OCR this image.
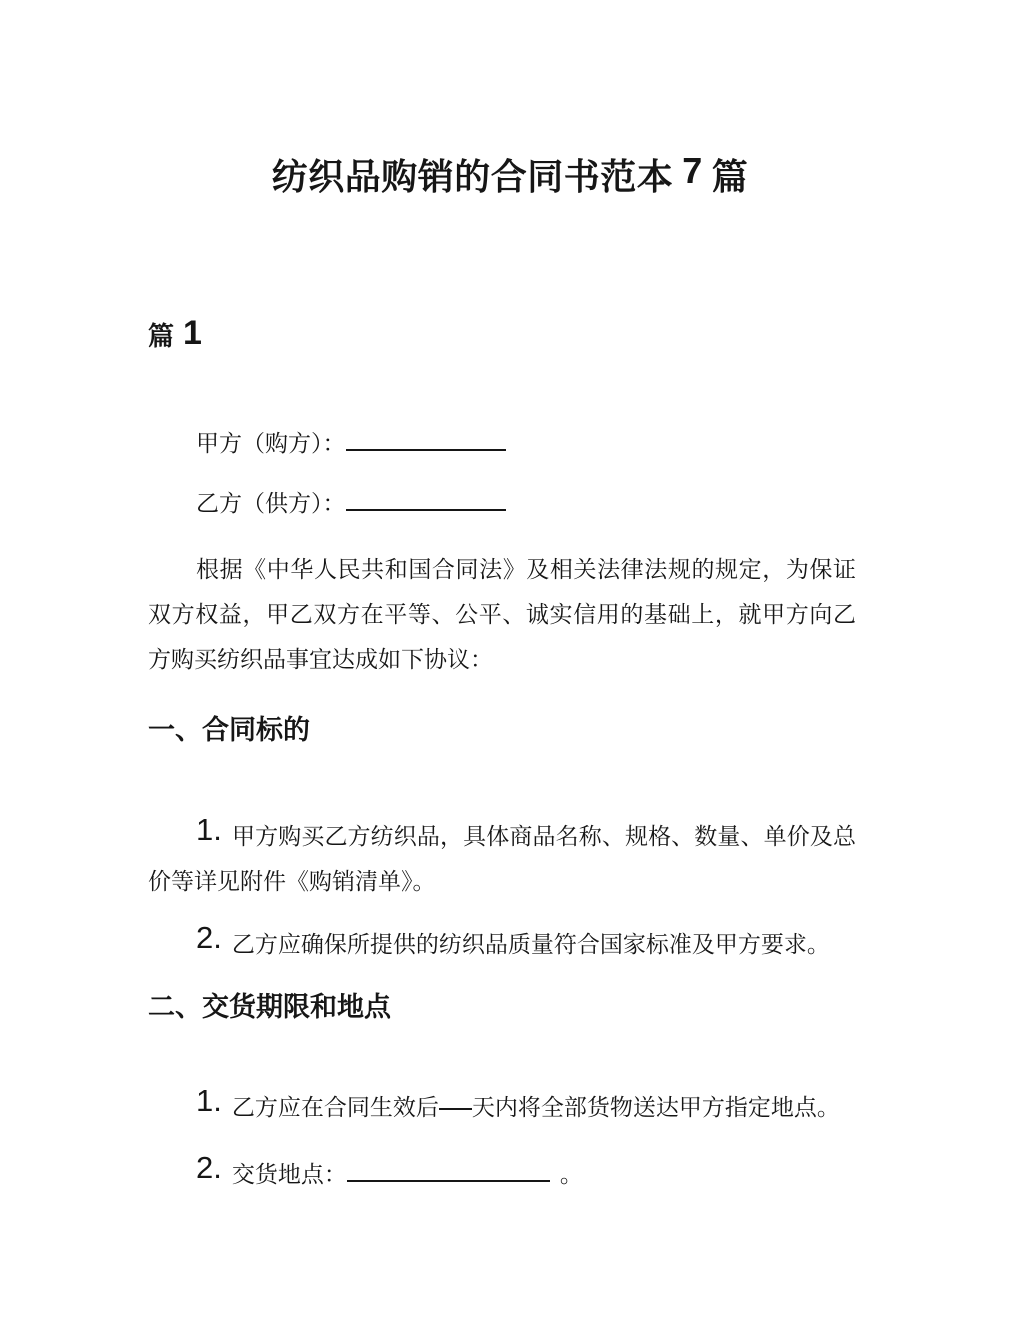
纺织品购销的合同书范本 7 篇
篇 1

甲方（购方）：

乙方（供方）：

根据《中华人民共和国合同法》及相关法律法规的规定，为保证双方权益，甲乙双方在平等、公平、诚实信用的基础上，就甲方向乙方购买纺织品事宜达成如下协议：

一、合同标的

1. 甲方购买乙方纺织品，具体商品名称、规格、数量、单价及总价等详见附件《购销清单》。

2. 乙方应确保所提供的纺织品质量符合国家标准及甲方要求。

二、交货期限和地点

1. 乙方应在合同生效后 天内将全部货物送达甲方指定地点。

2. 交货地点：	。
